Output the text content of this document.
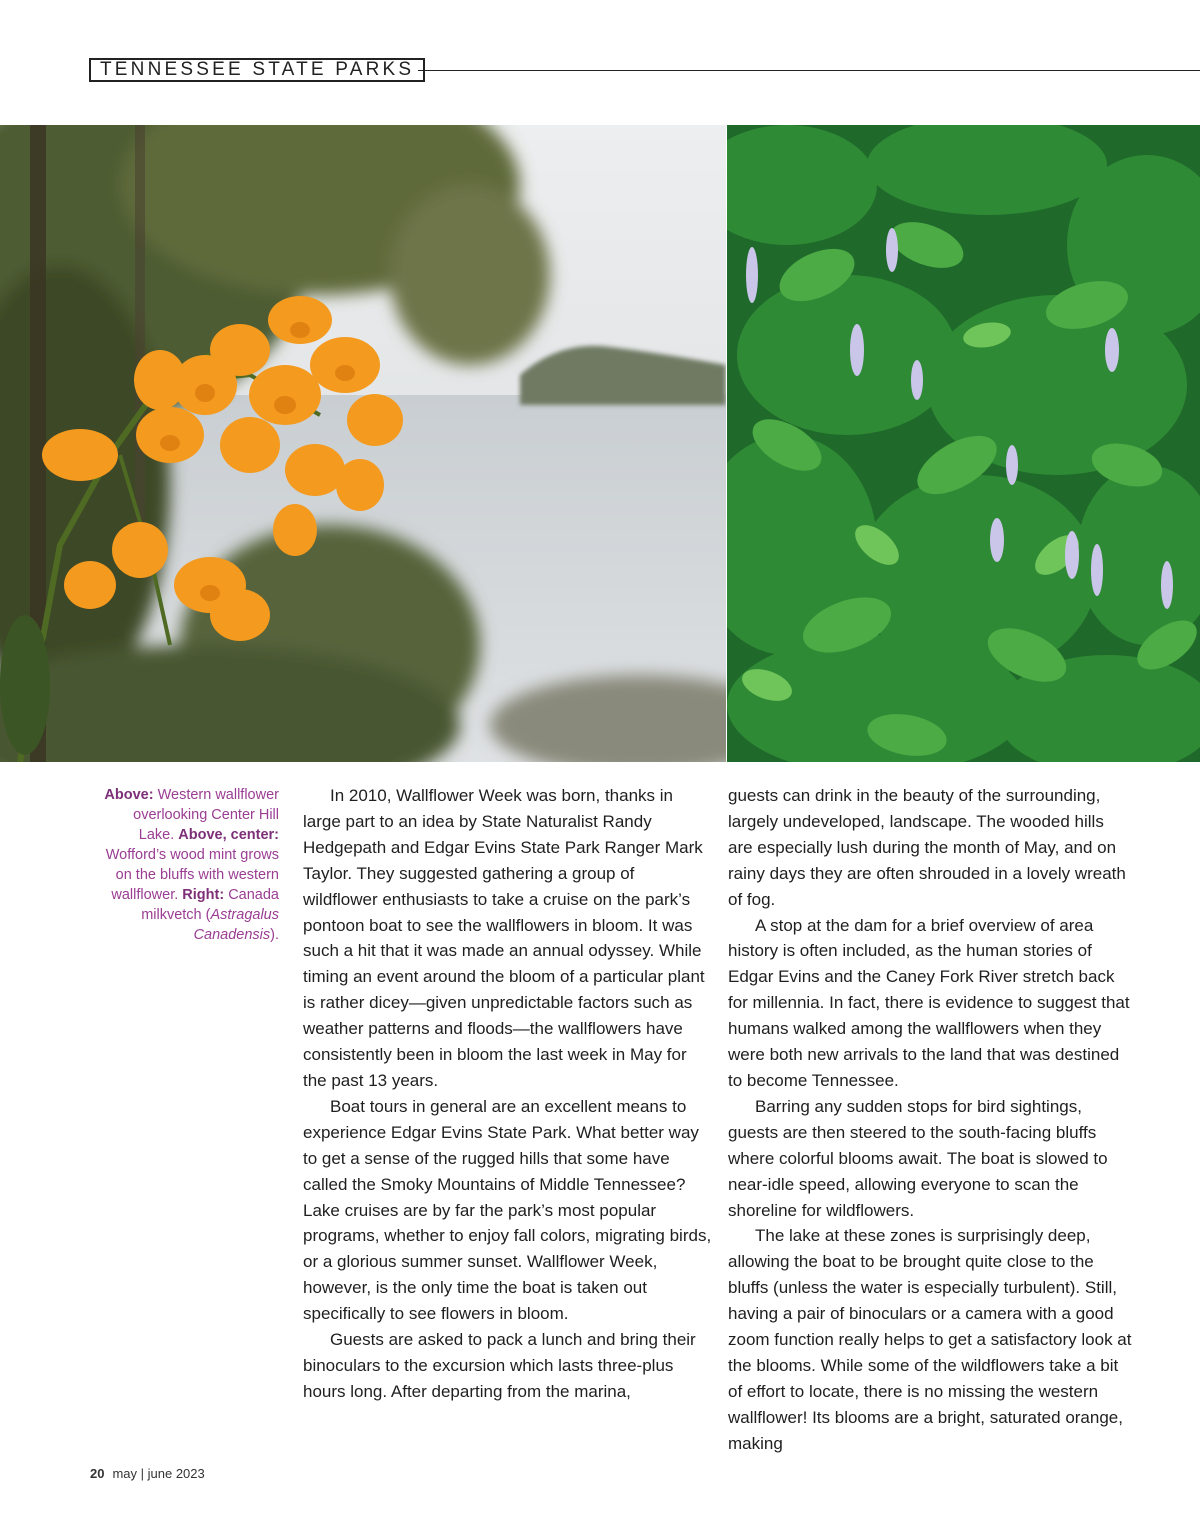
TENNESSEE STATE PARKS
Above: Western wallflower overlooking Center Hill Lake. Above, center: Wofford’s wood mint grows on the bluffs with western wallflower. Right: Canada milkvetch (Astragalus Canadensis).

In 2010, Wallflower Week was born, thanks in large part to an idea by State Naturalist Randy Hedgepath and Edgar Evins State Park Ranger Mark Taylor. They suggested gathering a group of wildflower enthusiasts to take a cruise on the park’s pontoon boat to see the wallflowers in bloom. It was such a hit that it was made an annual odyssey. While timing an event around the bloom of a particular plant is rather dicey—given unpredictable factors such as weather patterns and floods—the wallflowers have consistently been in bloom the last week in May for the past 13 years.

Boat tours in general are an excellent means to experience Edgar Evins State Park. What better way to get a sense of the rugged hills that some have called the Smoky Mountains of Middle Tennessee? Lake cruises are by far the park’s most popular programs, whether to enjoy fall colors, migrating birds, or a glorious summer sunset. Wallflower Week, however, is the only time the boat is taken out specifically to see flowers in bloom.

Guests are asked to pack a lunch and bring their binoculars to the excursion which lasts three-plus hours long. After departing from the marina,

guests can drink in the beauty of the surrounding, largely undeveloped, landscape. The wooded hills are especially lush during the month of May, and on rainy days they are often shrouded in a lovely wreath of fog.

A stop at the dam for a brief overview of area history is often included, as the human stories of Edgar Evins and the Caney Fork River stretch back for millennia. In fact, there is evidence to suggest that humans walked among the wallflowers when they were both new arrivals to the land that was destined to become Tennessee.

Barring any sudden stops for bird sightings, guests are then steered to the south-facing bluffs where colorful blooms await. The boat is slowed to near-idle speed, allowing everyone to scan the shoreline for wildflowers.

The lake at these zones is surprisingly deep, allowing the boat to be brought quite close to the bluffs (unless the water is especially turbulent). Still, having a pair of binoculars or a camera with a good zoom function really helps to get a satisfactory look at the blooms. While some of the wildflowers take a bit of effort to locate, there is no missing the western wallflower! Its blooms are a bright, saturated orange, making

20 may | june 2023
